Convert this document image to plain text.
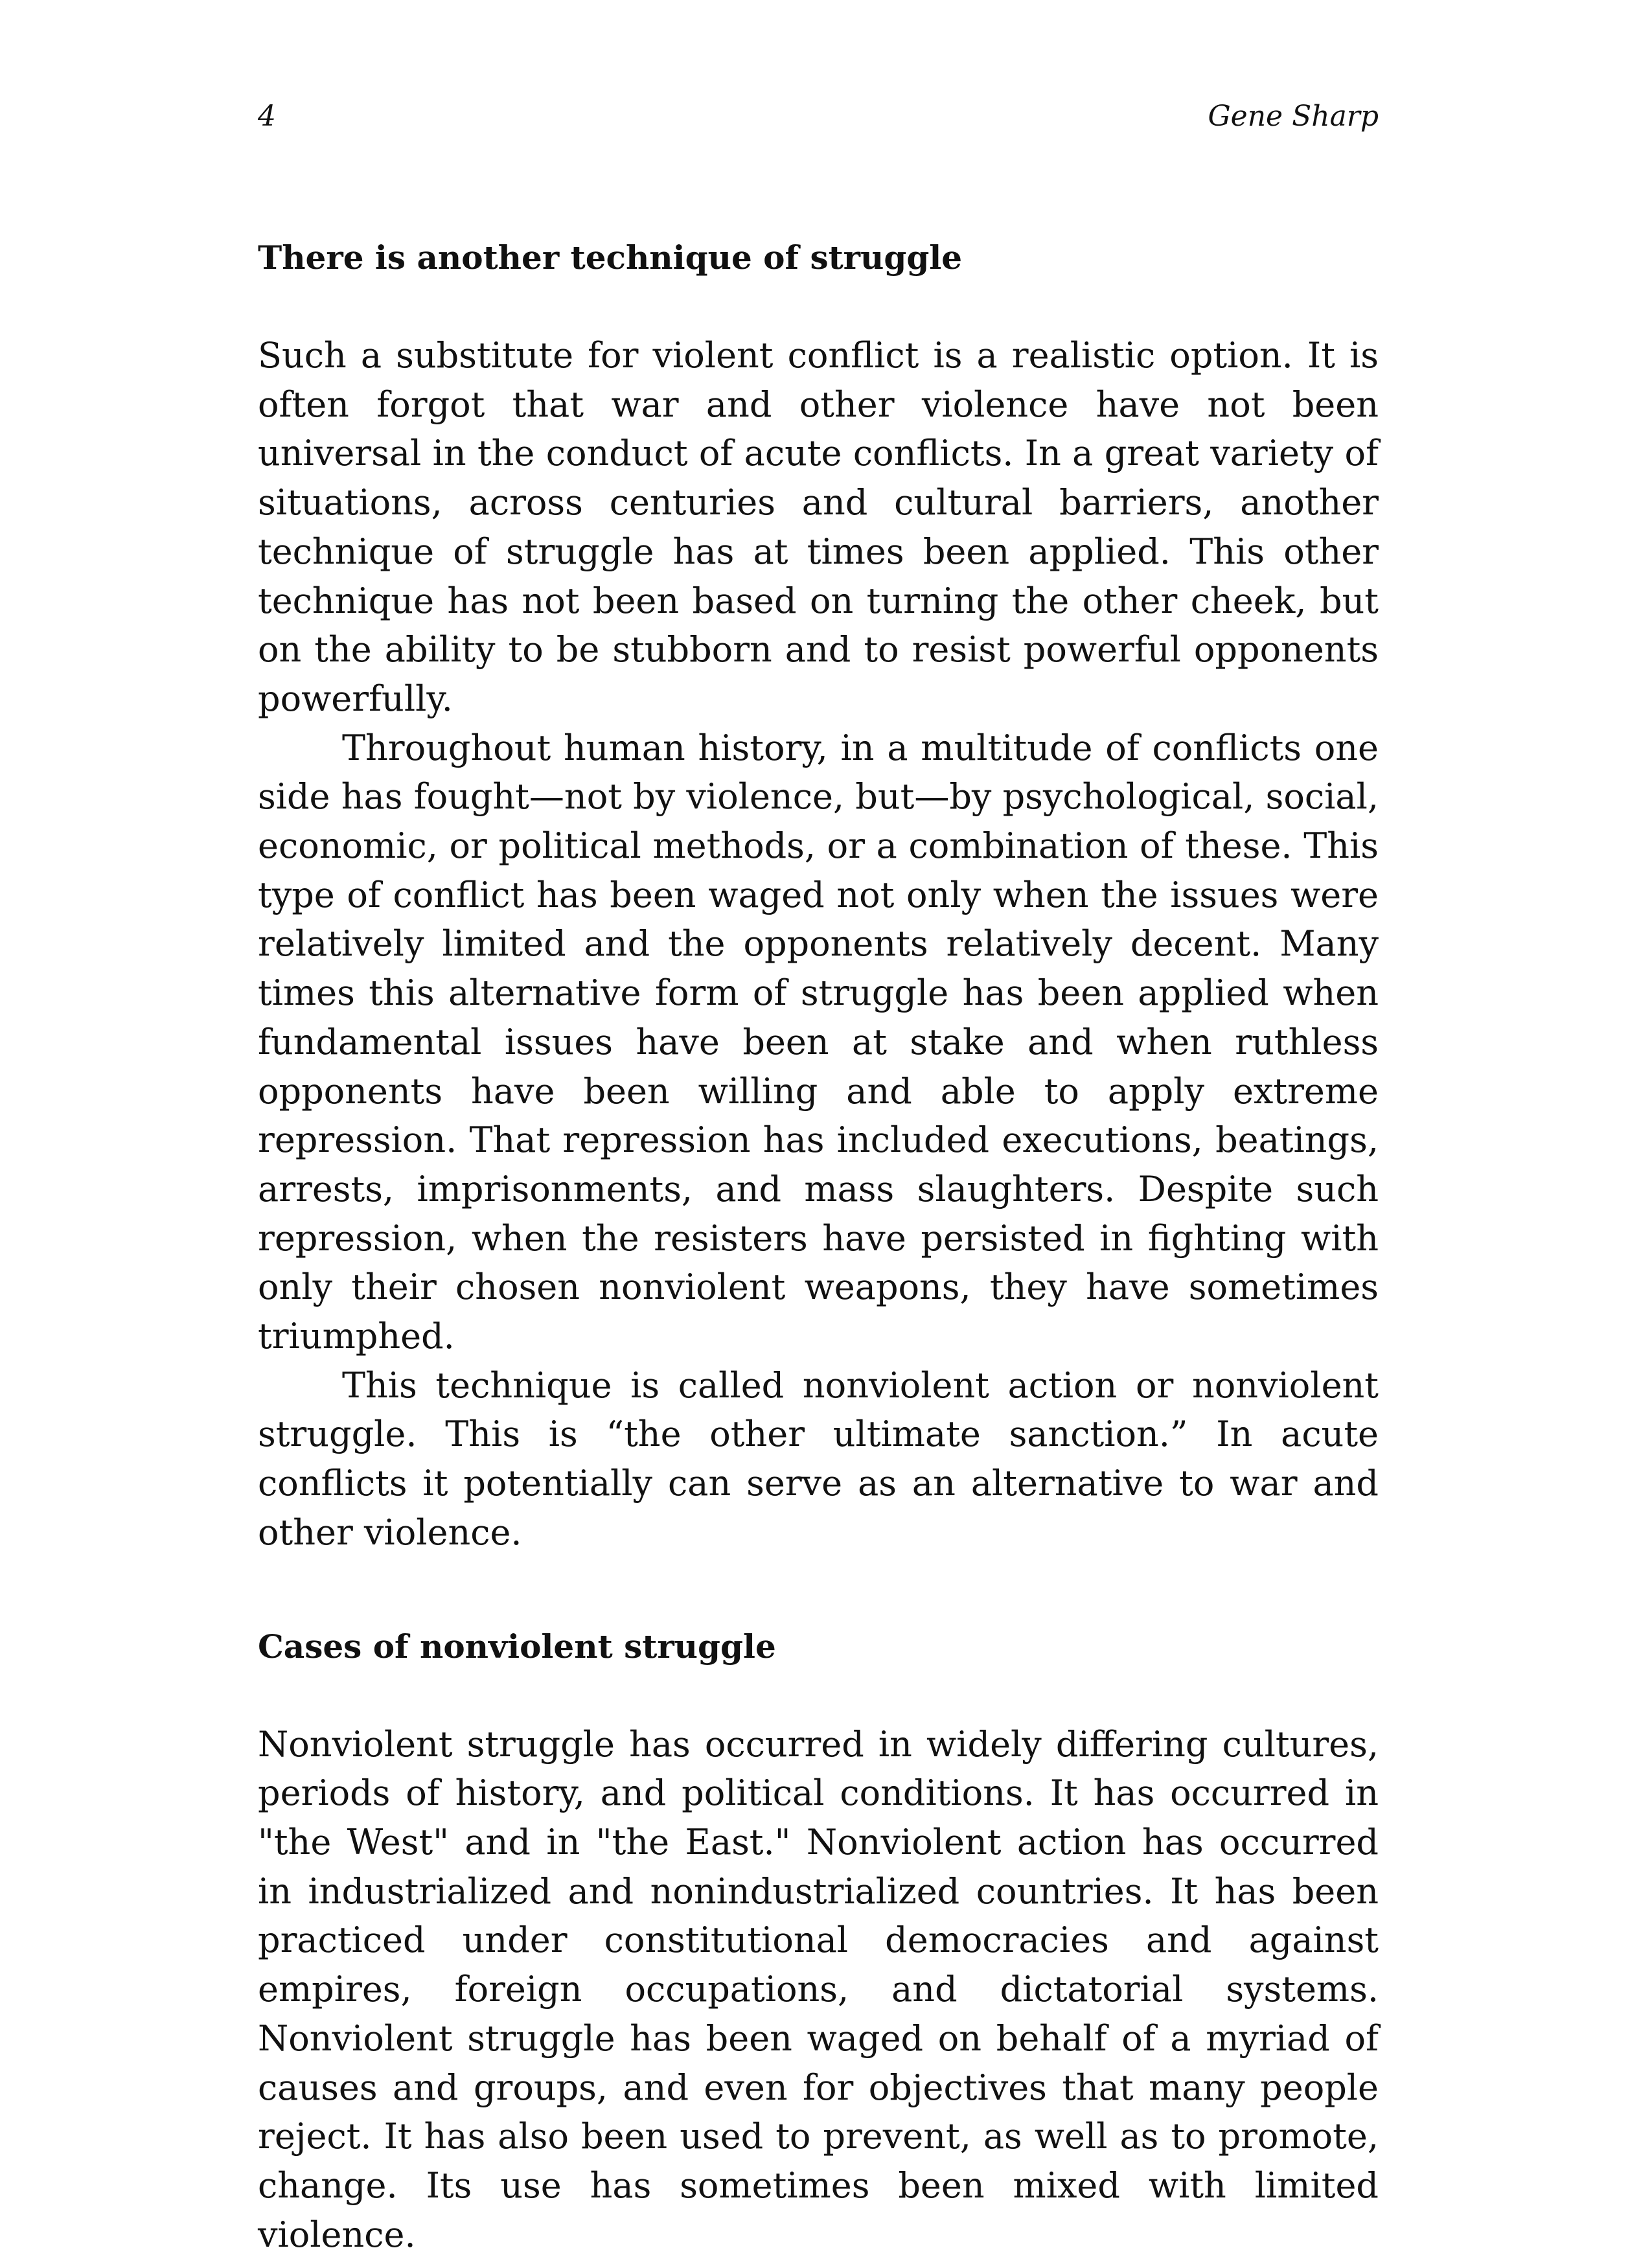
4	Gene Sharp
There is another technique of struggle

Such a substitute for violent conflict is a realistic option. It is often forgot that war and other violence have not been universal in the conduct of acute conflicts. In a great variety of situations, across centuries and cultural barriers, another technique of struggle has at times been applied. This other technique has not been based on turning the other cheek, but on the ability to be stubborn and to resist powerful opponents powerfully.

Throughout human history, in a multitude of conflicts one side has fought—not by violence, but—by psychological, social, economic, or political methods, or a combination of these. This type of conflict has been waged not only when the issues were relatively limited and the opponents relatively decent. Many times this alternative form of struggle has been applied when fundamental issues have been at stake and when ruthless opponents have been willing and able to apply extreme repression. That repression has included executions, beatings, arrests, imprisonments, and mass slaughters. Despite such repression, when the resisters have persisted in fighting with only their chosen nonviolent weapons, they have sometimes triumphed.

This technique is called nonviolent action or nonviolent struggle. This is “the other ultimate sanction.” In acute conflicts it potentially can serve as an alternative to war and other violence.

Cases of nonviolent struggle

Nonviolent struggle has occurred in widely differing cultures, periods of history, and political conditions. It has occurred in "the West" and in "the East." Nonviolent action has occurred in industrialized and nonindustrialized countries. It has been practiced under constitutional democracies and against empires, foreign occupations, and dictatorial systems. Nonviolent struggle has been waged on behalf of a myriad of causes and groups, and even for objectives that many people reject. It has also been used to prevent, as well as to promote, change. Its use has sometimes been mixed with limited violence.
